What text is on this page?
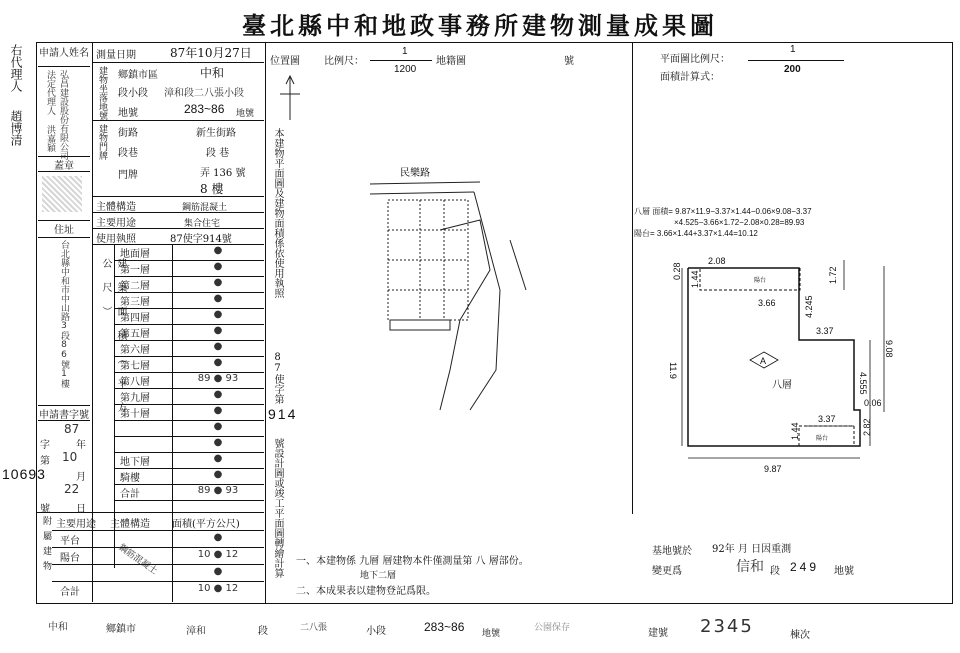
臺北縣中和地政事務所建物測量成果圖
右代理人
趙博清
10693
申請人姓名
弘昌建設股份有限公司 法定代理人 洪嘉穎
蓋章
住址
台北縣中和市中山路3段86號1樓
申請書字號
87
字	年
第 10
月
22
號	日
測量日期	87年10月27日
建物坐落地號 鄉鎮市區	中和
段小段 漳和段二八張小段
地號	283~86 地號
建物門牌 街路	新生街路
段巷	段 巷
門牌	弄 136 號
8 樓
主體構造	鋼筋混凝土
主要用途	集合住宅
使用執照	87使字914號
建築面積（平方公尺）
地面層	●
第一層	●
第二層	●
第三層	●
第四層	●
第五層	●
第六層	●
第七層	●
第八層	89 ● 93
第九層	●
第十層	●
●
●
地下層	●
騎樓	●
合計	89 ● 93
附屬建物 主要用途 主體構造 面積(平方公尺)
鋼筋混凝土
平台	●
陽台	10 ● 12
●
合計	10 ● 12
位置圖 比例尺：
1
1200
地籍圖	號
本建物平面圖及建物面積係依使用執照
87使字第
914
號設計圖或竣工平面圖轉繪計算
民樂路
平面圖比例尺：
1
200
面積計算式：
八層 面積= 9.87×11.9−3.37×1.44−0.06×9.08−3.37
×4.525−3.66×1.72−2.08×0.28=89.93
陽台= 3.66×1.44+3.37×1.44=10.12
2.08
0.28
3.66
1.44	1.72
4.245
3.37
9.08
4.555
0.06
11.9
3.37	2.82
1.44
9.87
陽台
陽台
A
八層
一、本建物係 九層 層建物本件僅測量第 八 層部份。
地下二層
二、本成果表以建物登記爲限。
基地號於 92年 月 日因重測
變更爲	信和 段 249 地號
中和	鄉鎮市	漳和	段	二八張	小段	283~86 地號
公園保存	建號 2345	棟次
